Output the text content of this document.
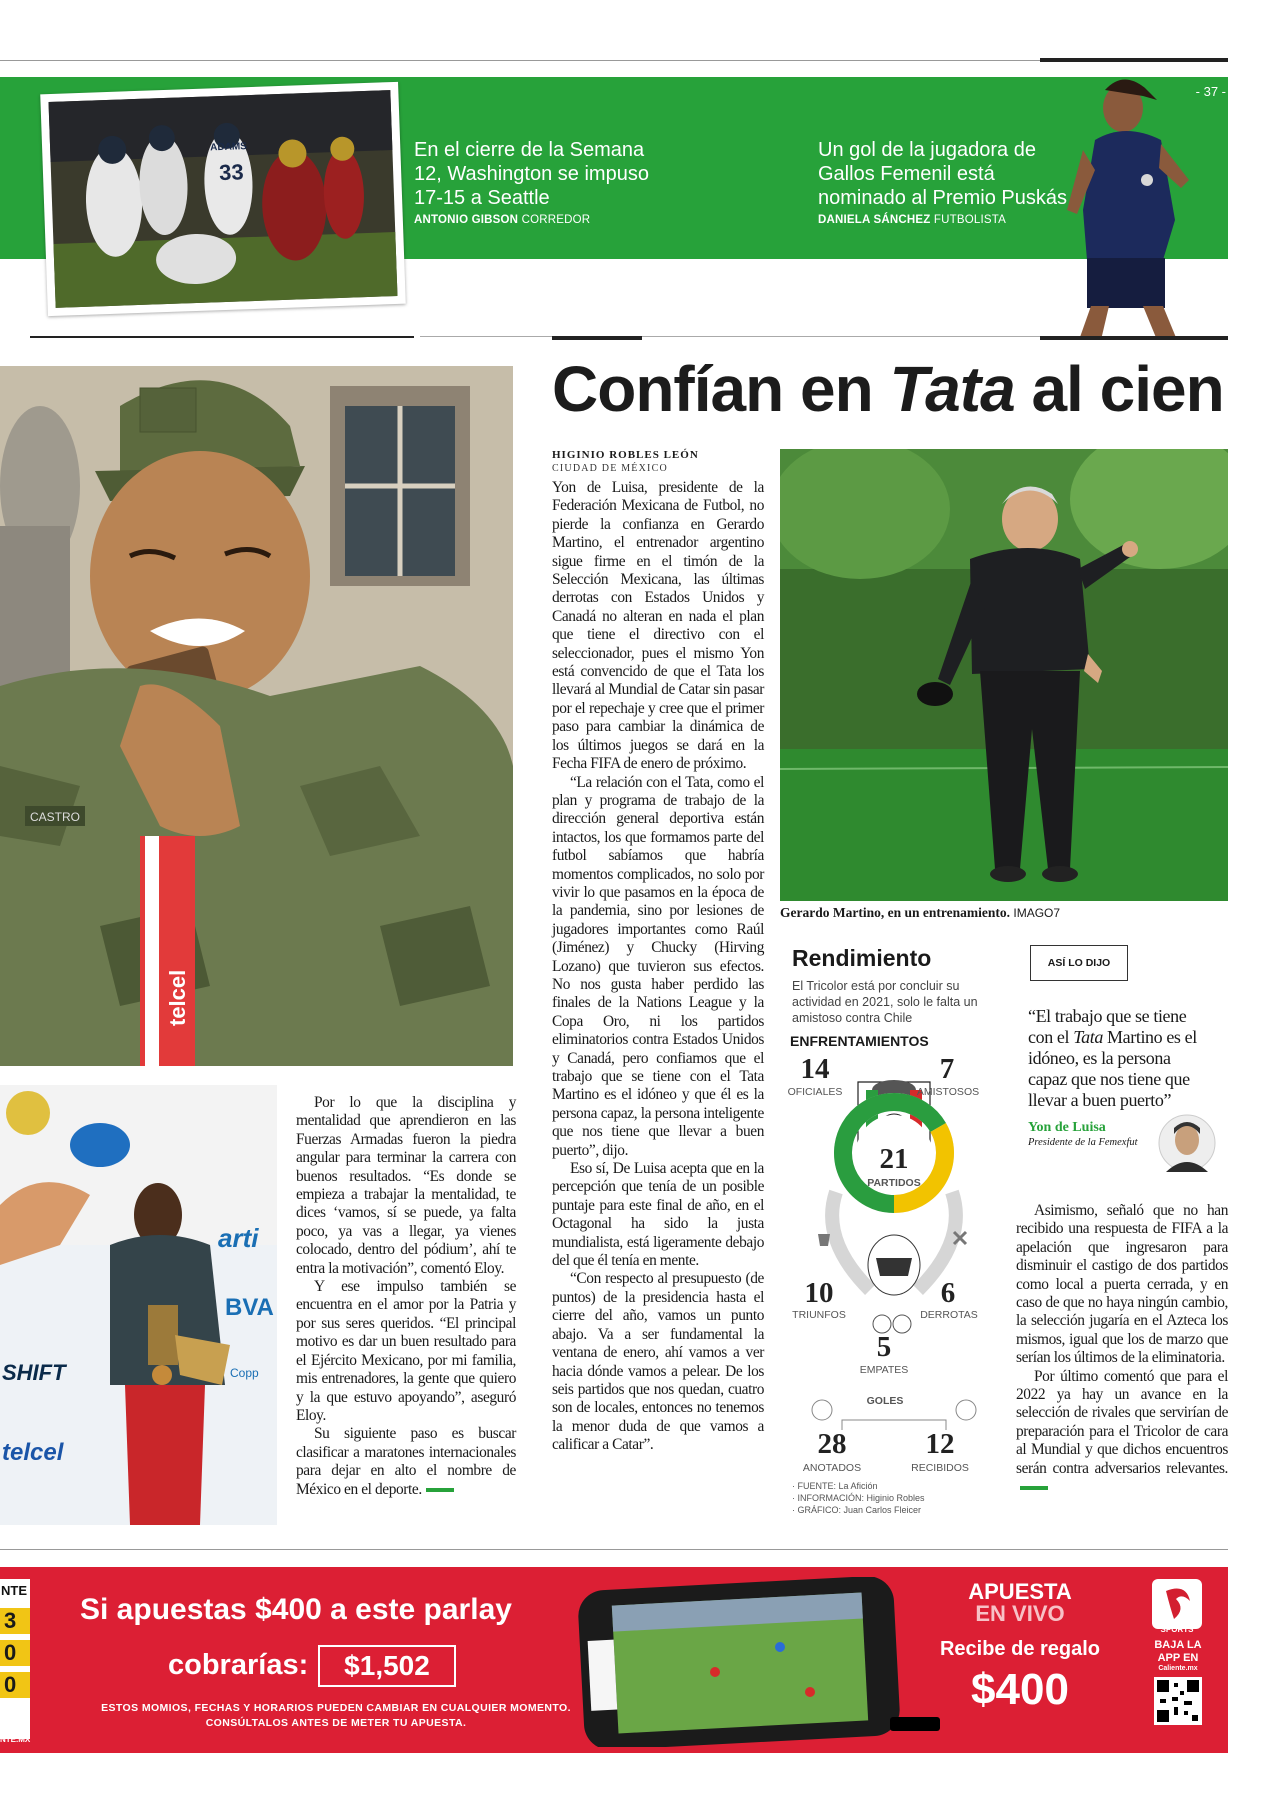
- 37 -
ADAMS
33
En el cierre de la Semana 12, Washington se impuso 17-15 a Seattle
ANTONIO GIBSON CORREDOR
Un gol de la jugadora de Gallos Femenil está nominado al Premio Puskás
DANIELA SÁNCHEZ FUTBOLISTA
CASTRO
telcel
arti
BVA
SHIFT
telcel
Copp
Confían en Tata al cien
HIGINIO ROBLES LEÓN
CIUDAD DE MÉXICO

Yon de Luisa, presidente de la Federación Mexicana de Futbol, no pierde la confianza en Gerardo Martino, el entrenador argentino sigue firme en el timón de la Selección Mexicana, las últimas derrotas con Estados Unidos y Canadá no alteran en nada el plan que tiene el directivo con el seleccionador, pues el mismo Yon está convencido de que el Tata los llevará al Mundial de Catar sin pasar por el repechaje y cree que el primer paso para cambiar la dinámica de los últimos juegos se dará en la Fecha FIFA de enero de próximo.

“La relación con el Tata, como el plan y programa de trabajo de la dirección general deportiva están intactos, los que formamos parte del futbol sabíamos que habría momentos complicados, no solo por vivir lo que pasamos en la época de la pandemia, sino por lesiones de jugadores importantes como Raúl (Jiménez) y Chucky (Hirving Lozano) que tuvieron sus efectos. No nos gusta haber perdido las finales de la Nations League y la Copa Oro, ni los partidos eliminatorios contra Estados Unidos y Canadá, pero confiamos que el trabajo que se tiene con el Tata Martino es el idóneo y que él es la persona capaz, la persona inteligente que nos tiene que llevar a buen puerto”, dijo.

Eso sí, De Luisa acepta que en la percepción que tenía de un posible puntaje para este final de año, en el Octagonal ha sido la justa mundialista, está ligeramente debajo del que él tenía en mente.

“Con respecto al presupuesto (de puntos) de la presidencia hasta el cierre del año, vamos un punto abajo. Va a ser fundamental la ventana de enero, ahí vamos a ver hacia dónde vamos a pelear. De los seis partidos que nos quedan, cuatro son de locales, entonces no tenemos la menor duda de que vamos a calificar a Catar”.

Gerardo Martino, en un entrenamiento. IMAGO7
Rendimiento
El Tricolor está por concluir su actividad en 2021, solo le falta un amistoso contra Chile
ENFRENTAMIENTOS
14
OFICIALES
7
AMISTOSOS
21
PARTIDOS
10
TRIUNFOS
6
DERROTAS
5
EMPATES
GOLES
28
ANOTADOS
12
RECIBIDOS
· FUENTE: La Afición
· INFORMACIÓN: Higinio Robles
· GRÁFICO: Juan Carlos Fleicer
ASÍ LO DIJO
“El trabajo que se tiene con el Tata Martino es el idóneo, es la persona capaz que nos tiene que llevar a buen puerto”
Yon de Luisa
Presidente de la Femexfut

Asimismo, señaló que no han recibido una respuesta de FIFA a la apelación que ingresaron para disminuir el castigo de dos partidos como local a puerta cerrada, y en caso de que no haya ningún cambio, la selección jugaría en el Azteca los mismos, igual que los de marzo que serían los últimos de la eliminatoria.

Por último comentó que para el 2022 ya hay un avance en la selección de rivales que servirían de preparación para el Tricolor de cara al Mundial y que dichos encuentros serán contra adversarios relevantes.

Por lo que la disciplina y mentalidad que aprendieron en las Fuerzas Armadas fueron la piedra angular para terminar la carrera con buenos resultados. “Es donde se empieza a trabajar la mentalidad, te dices ‘vamos, sí se puede, ya falta poco, ya vas a llegar, ya vienes colocado, dentro del pódium’, ahí te entra la motivación”, comentó Eloy.

Y ese impulso también se encuentra en el amor por la Patria y por sus seres queridos. “El principal motivo es dar un buen resultado para el Ejército Mexicano, por mi familia, mis entrenadores, la gente que quiero y la que estuvo apoyando”, aseguró Eloy.

Su siguiente paso es buscar clasificar a maratones internacionales para dejar en alto el nombre de México en el deporte.

NTE
3
0
0
NTE.MX
Si apuestas $400 a este parlay
cobrarías:	$1,502
ESTOS MOMIOS, FECHAS Y HORARIOS PUEDEN CAMBIAR EN CUALQUIER MOMENTO.
CONSÚLTALOS ANTES DE METER TU APUESTA.
APUESTA
EN VIVO
Recibe de regalo
$400
SPORTS
BAJA LA
APP EN
Caliente.mx
